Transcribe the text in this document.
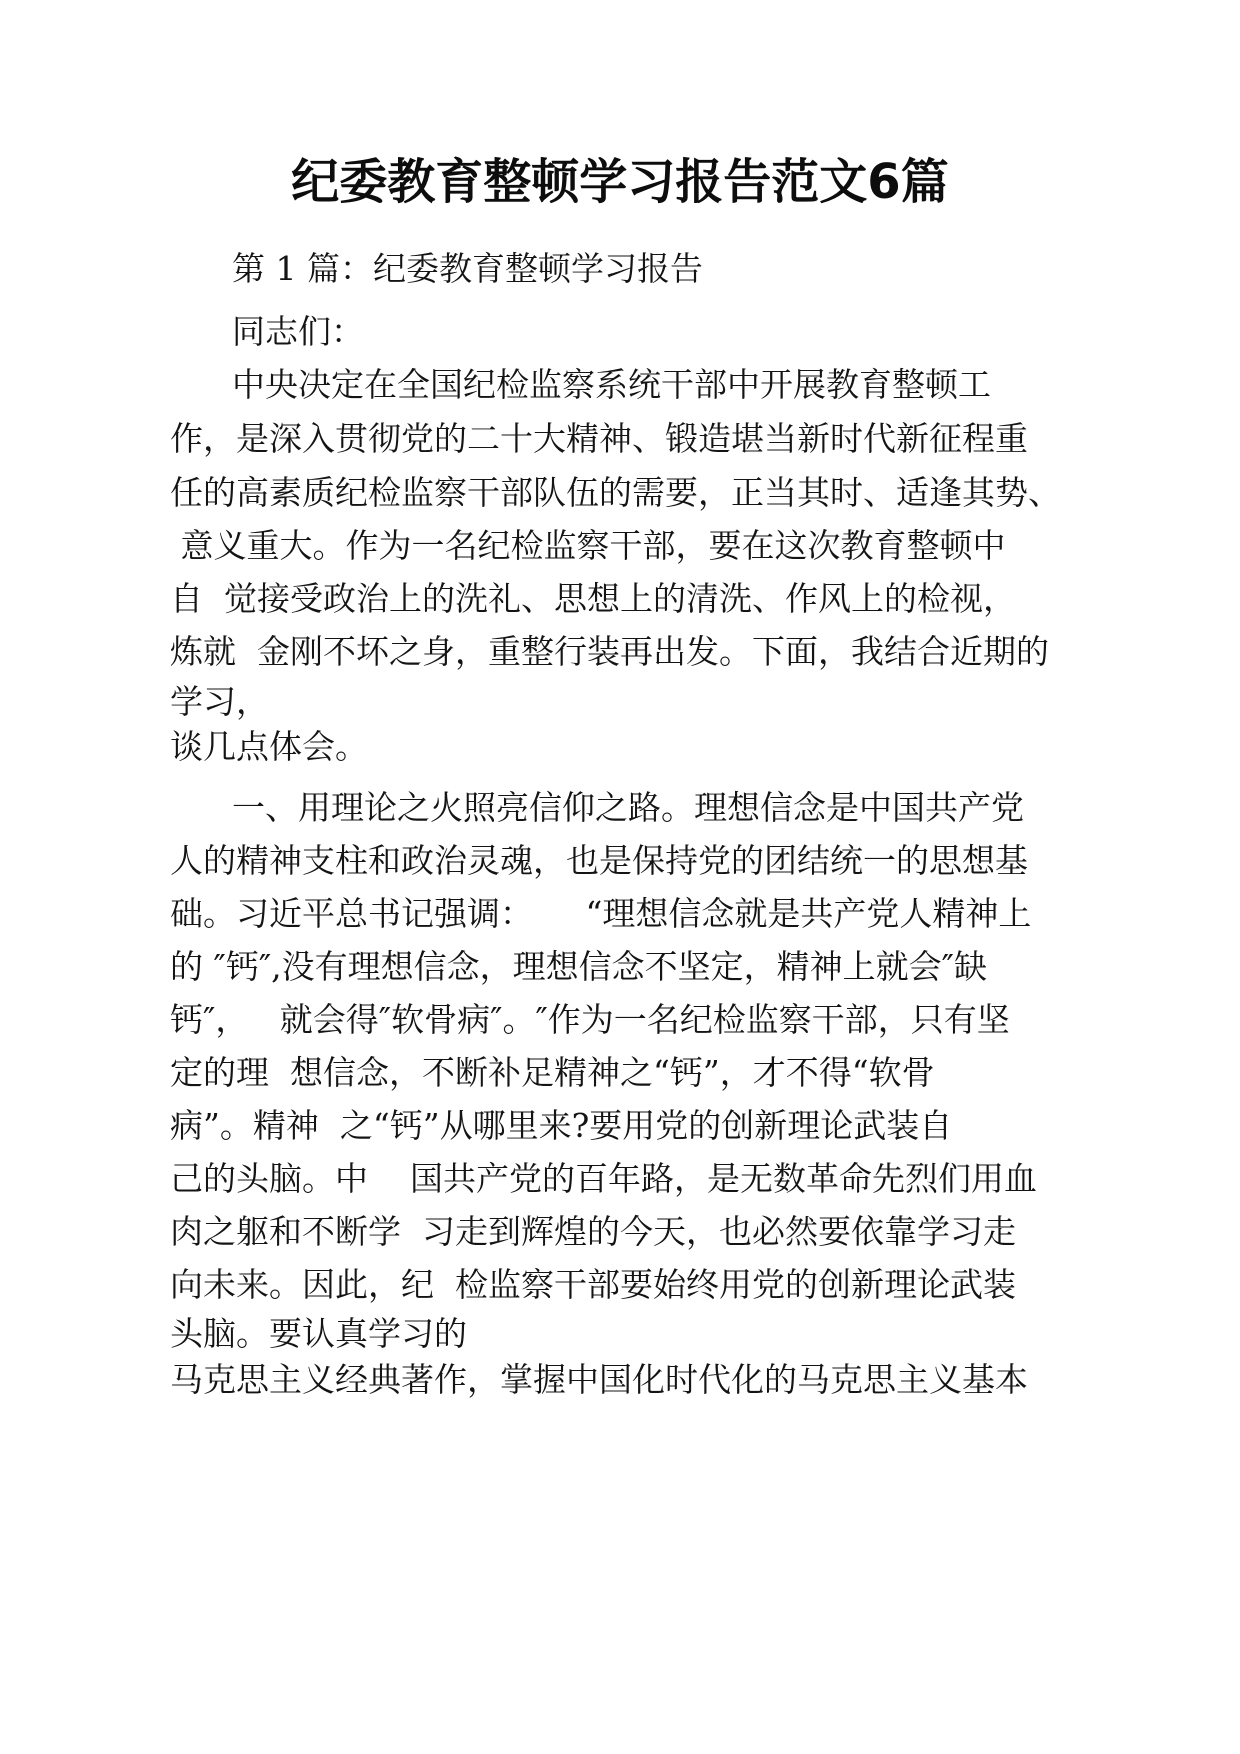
纪委教育整顿学习报告范文6篇

第 1 篇：纪委教育整顿学习报告

同志们：

中央决定在全国纪检监察系统干部中开展教育整顿工

作，是深入贯彻党的二十大精神、锻造堪当新时代新征程重

任的高素质纪检监察干部队伍的需要，正当其时、适逢其势、

意义重大。作为一名纪检监察干部，要在这次教育整顿中

自  觉接受政治上的洗礼、思想上的清洗、作风上的检视，

炼就  金刚不坏之身，重整行装再出发。下面，我结合近期的

学习，

谈几点体会。

一、用理论之火照亮信仰之路。理想信念是中国共产党

人的精神支柱和政治灵魂，也是保持党的团结统一的思想基

础。习近平总书记强调：     “理想信念就是共产党人精神上

的 ″钙″,没有理想信念，理想信念不坚定，精神上就会″缺

钙″，   就会得″软骨病″。″作为一名纪检监察干部，只有坚

定的理  想信念，不断补足精神之“钙”，才不得“软骨

病”。精神  之“钙”从哪里来?要用党的创新理论武装自

己的头脑。中    国共产党的百年路，是无数革命先烈们用血

肉之躯和不断学  习走到辉煌的今天，也必然要依靠学习走

向未来。因此，纪  检监察干部要始终用党的创新理论武装

头脑。要认真学习的

马克思主义经典著作，掌握中国化时代化的马克思主义基本
